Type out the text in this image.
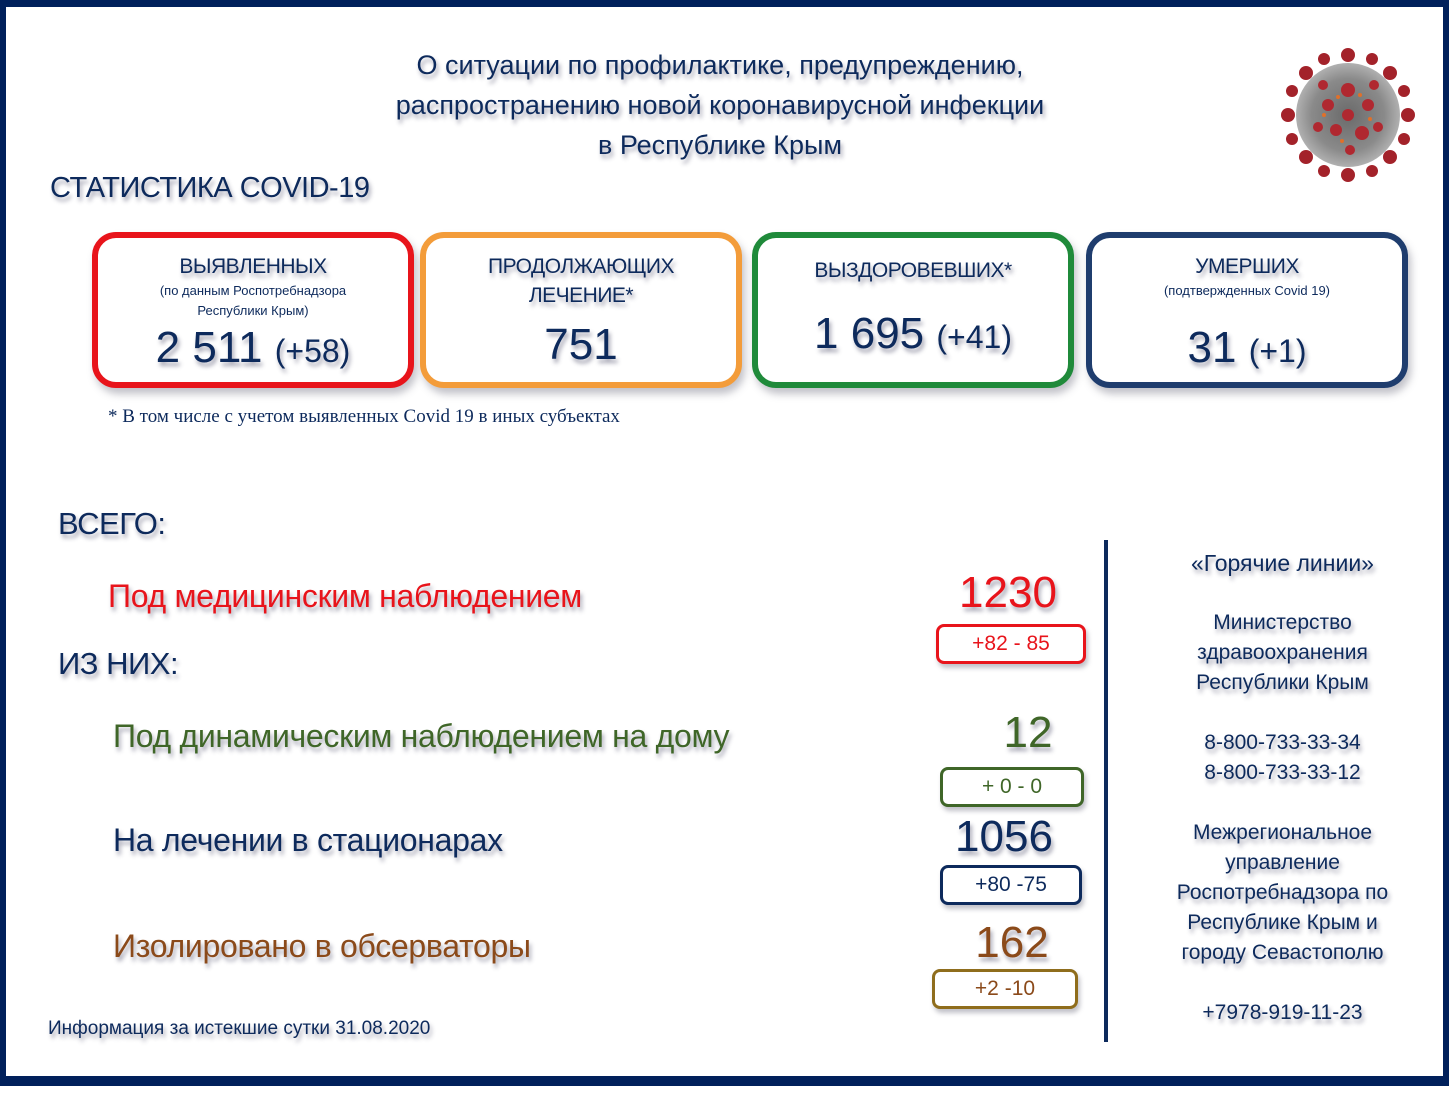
О ситуации по профилактике, предупреждению,
распространению новой коронавирусной инфекции
в Республике Крым
СТАТИСТИКА COVID-19
ВЫЯВЛЕННЫХ
(по данным Роспотребнадзора
Республики Крым)
2 511 (+58)
ПРОДОЛЖАЮЩИХ
ЛЕЧЕНИЕ*
751
ВЫЗДОРОВЕВШИХ*
1 695 (+41)
УМЕРШИХ
(подтвержденных Covid 19)
31 (+1)
* В том числе с учетом выявленных Covid 19 в иных субъектах
ВСЕГО:
ИЗ НИХ:
Под медицинским наблюдением
Под динамическим наблюдением на дому
На лечении в стационарах
Изолировано в обсерваторы
1230
+82 - 85
12
+ 0 - 0
1056
+80 -75
162
+2 -10
«Горячие линии»
Министерство
здравоохранения
Республики Крым
8-800-733-33-34
8-800-733-33-12
Межрегиональное
управление
Роспотребнадзора по
Республике Крым и
городу Севастополю
+7978-919-11-23
Информация за истекшие сутки 31.08.2020
